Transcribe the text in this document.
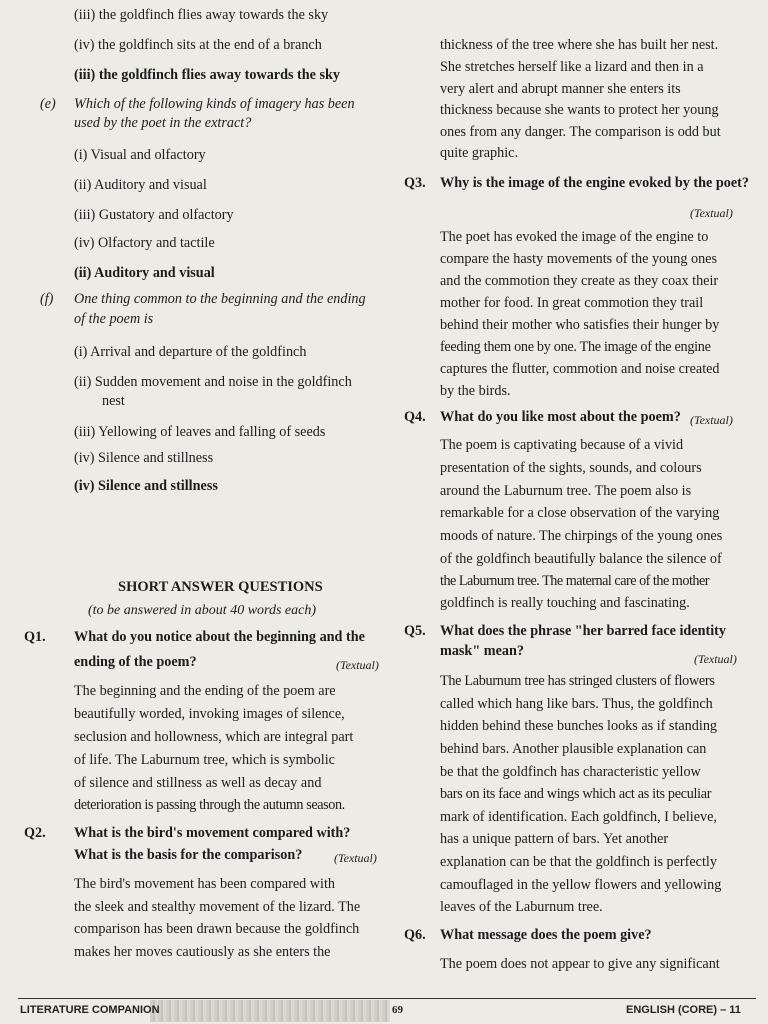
(iii) the goldfinch flies away towards the sky
(iv) the goldfinch sits at the end of a branch
(iii) the goldfinch flies away towards the sky
(e) Which of the following kinds of imagery has been
used by the poet in the extract?
(i) Visual and olfactory
(ii) Auditory and visual
(iii) Gustatory and olfactory
(iv) Olfactory and tactile
(ii) Auditory and visual
(f) One thing common to the beginning and the ending
of the poem is
(i) Arrival and departure of the goldfinch
(ii) Sudden movement and noise in the goldfinch
nest
(iii) Yellowing of leaves and falling of seeds
(iv) Silence and stillness
(iv) Silence and stillness
SHORT ANSWER QUESTIONS
(to be answered in about 40 words each)
Q1. What do you notice about the beginning and the
ending of the poem?	(Textual)
The beginning and the ending of the poem are
beautifully worded, invoking images of silence,
seclusion and hollowness, which are integral part
of life. The Laburnum tree, which is symbolic
of silence and stillness as well as decay and
deterioration is passing through the autumn season.
Q2. What is the bird's movement compared with?
What is the basis for the comparison?	(Textual)
The bird's movement has been compared with
the sleek and stealthy movement of the lizard. The
comparison has been drawn because the goldfinch
makes her moves cautiously as she enters the
thickness of the tree where she has built her nest.
She stretches herself like a lizard and then in a
very alert and abrupt manner she enters its
thickness because she wants to protect her young
ones from any danger. The comparison is odd but
quite graphic.
Q3. Why is the image of the engine evoked by the poet?
(Textual)
The poet has evoked the image of the engine to
compare the hasty movements of the young ones
and the commotion they create as they coax their
mother for food. In great commotion they trail
behind their mother who satisfies their hunger by
feeding them one by one. The image of the engine
captures the flutter, commotion and noise created
by the birds.
Q4. What do you like most about the poem? (Textual)
The poem is captivating because of a vivid
presentation of the sights, sounds, and colours
around the Laburnum tree. The poem also is
remarkable for a close observation of the varying
moods of nature. The chirpings of the young ones
of the goldfinch beautifully balance the silence of
the Laburnum tree. The maternal care of the mother
goldfinch is really touching and fascinating.
Q5. What does the phrase "her barred face identity
mask" mean?	(Textual)
The Laburnum tree has stringed clusters of flowers
called which hang like bars. Thus, the goldfinch
hidden behind these bunches looks as if standing
behind bars. Another plausible explanation can
be that the goldfinch has characteristic yellow
bars on its face and wings which act as its peculiar
mark of identification. Each goldfinch, I believe,
has a unique pattern of bars. Yet another
explanation can be that the goldfinch is perfectly
camouflaged in the yellow flowers and yellowing
leaves of the Laburnum tree.
Q6. What message does the poem give?
The poem does not appear to give any significant
LITERATURE COMPANION	69	ENGLISH (CORE) – 11
